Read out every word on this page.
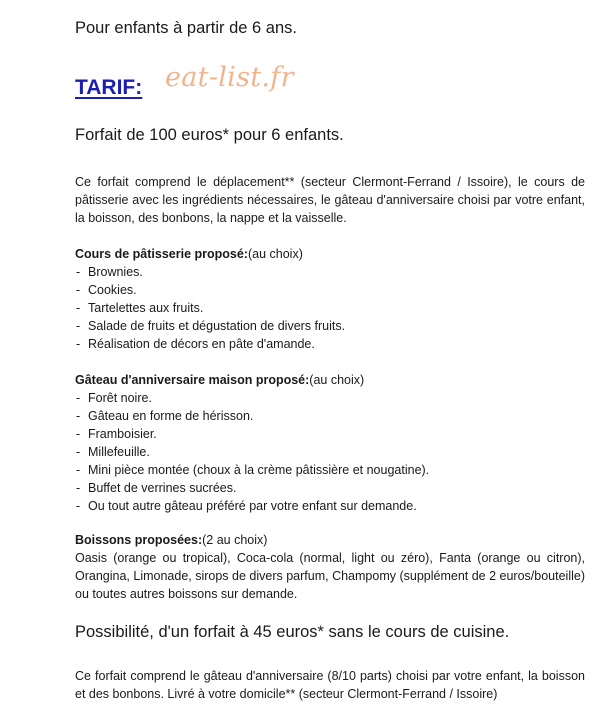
Pour enfants à partir de 6 ans.

TARIF: eat-list.fr

Forfait de 100 euros* pour 6 enfants.

Ce forfait comprend le déplacement** (secteur Clermont-Ferrand / Issoire), le cours de pâtisserie avec les ingrédients nécessaires, le gâteau d'anniversaire choisi par votre enfant, la boisson, des bonbons, la nappe et la vaisselle.

Cours de pâtisserie proposé:(au choix)
- Brownies.
- Cookies.
- Tartelettes aux fruits.
- Salade de fruits et dégustation de divers fruits.
- Réalisation de décors en pâte d'amande.
Gâteau d'anniversaire maison proposé:(au choix)
- Forêt noire.
- Gâteau en forme de hérisson.
- Framboisier.
- Millefeuille.
- Mini pièce montée (choux à la crème pâtissière et nougatine).
- Buffet de verrines sucrées.
- Ou tout autre gâteau préféré par votre enfant sur demande.
Boissons proposées:(2 au choix)

Oasis (orange ou tropical), Coca-cola (normal, light ou zéro), Fanta (orange ou citron), Orangina, Limonade, sirops de divers parfum, Champomy (supplément de 2 euros/bouteille) ou toutes autres boissons sur demande.

Possibilité, d'un forfait à 45 euros* sans le cours de cuisine.

Ce forfait comprend le gâteau d'anniversaire (8/10 parts) choisi par votre enfant, la boisson et des bonbons. Livré à votre domicile** (secteur Clermont-Ferrand / Issoire)
